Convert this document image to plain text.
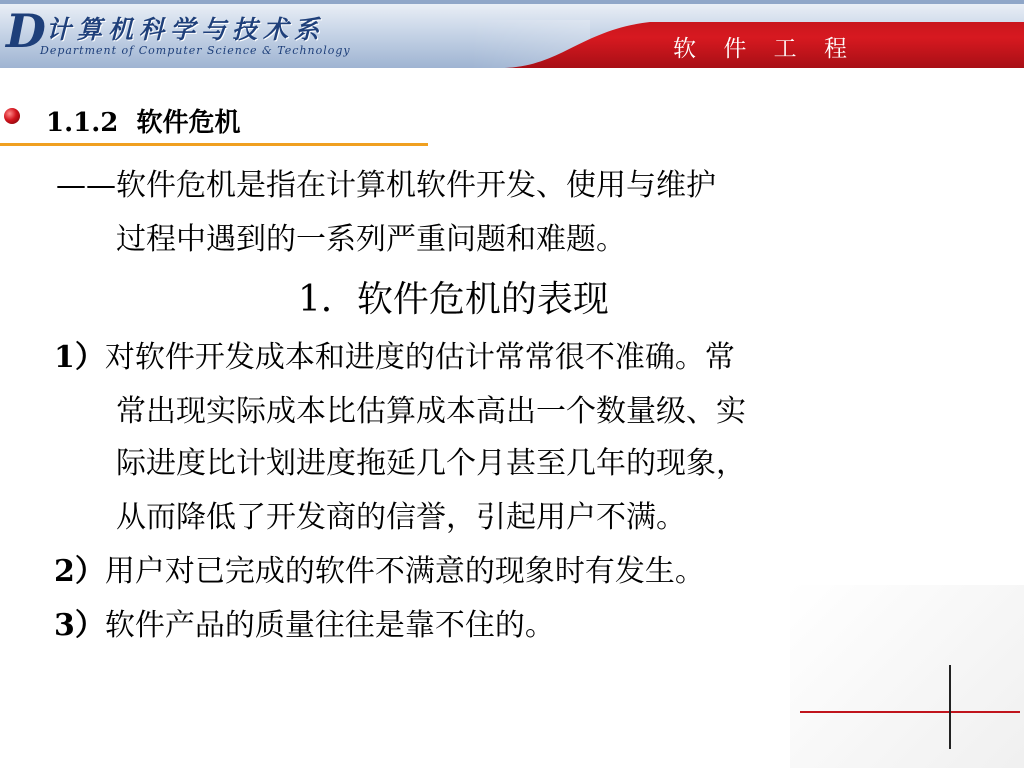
D 计算机科学与技术系
Department of Computer Science & Technology	软 件 工 程
1.1.2 软件危机
——软件危机是指在计算机软件开发、使用与维护
过程中遇到的一系列严重问题和难题。
1．软件危机的表现
1）对软件开发成本和进度的估计常常很不准确。常
常出现实际成本比估算成本高出一个数量级、实
际进度比计划进度拖延几个月甚至几年的现象，
从而降低了开发商的信誉，引起用户不满。
2）用户对已完成的软件不满意的现象时有发生。
3）软件产品的质量往往是靠不住的。
